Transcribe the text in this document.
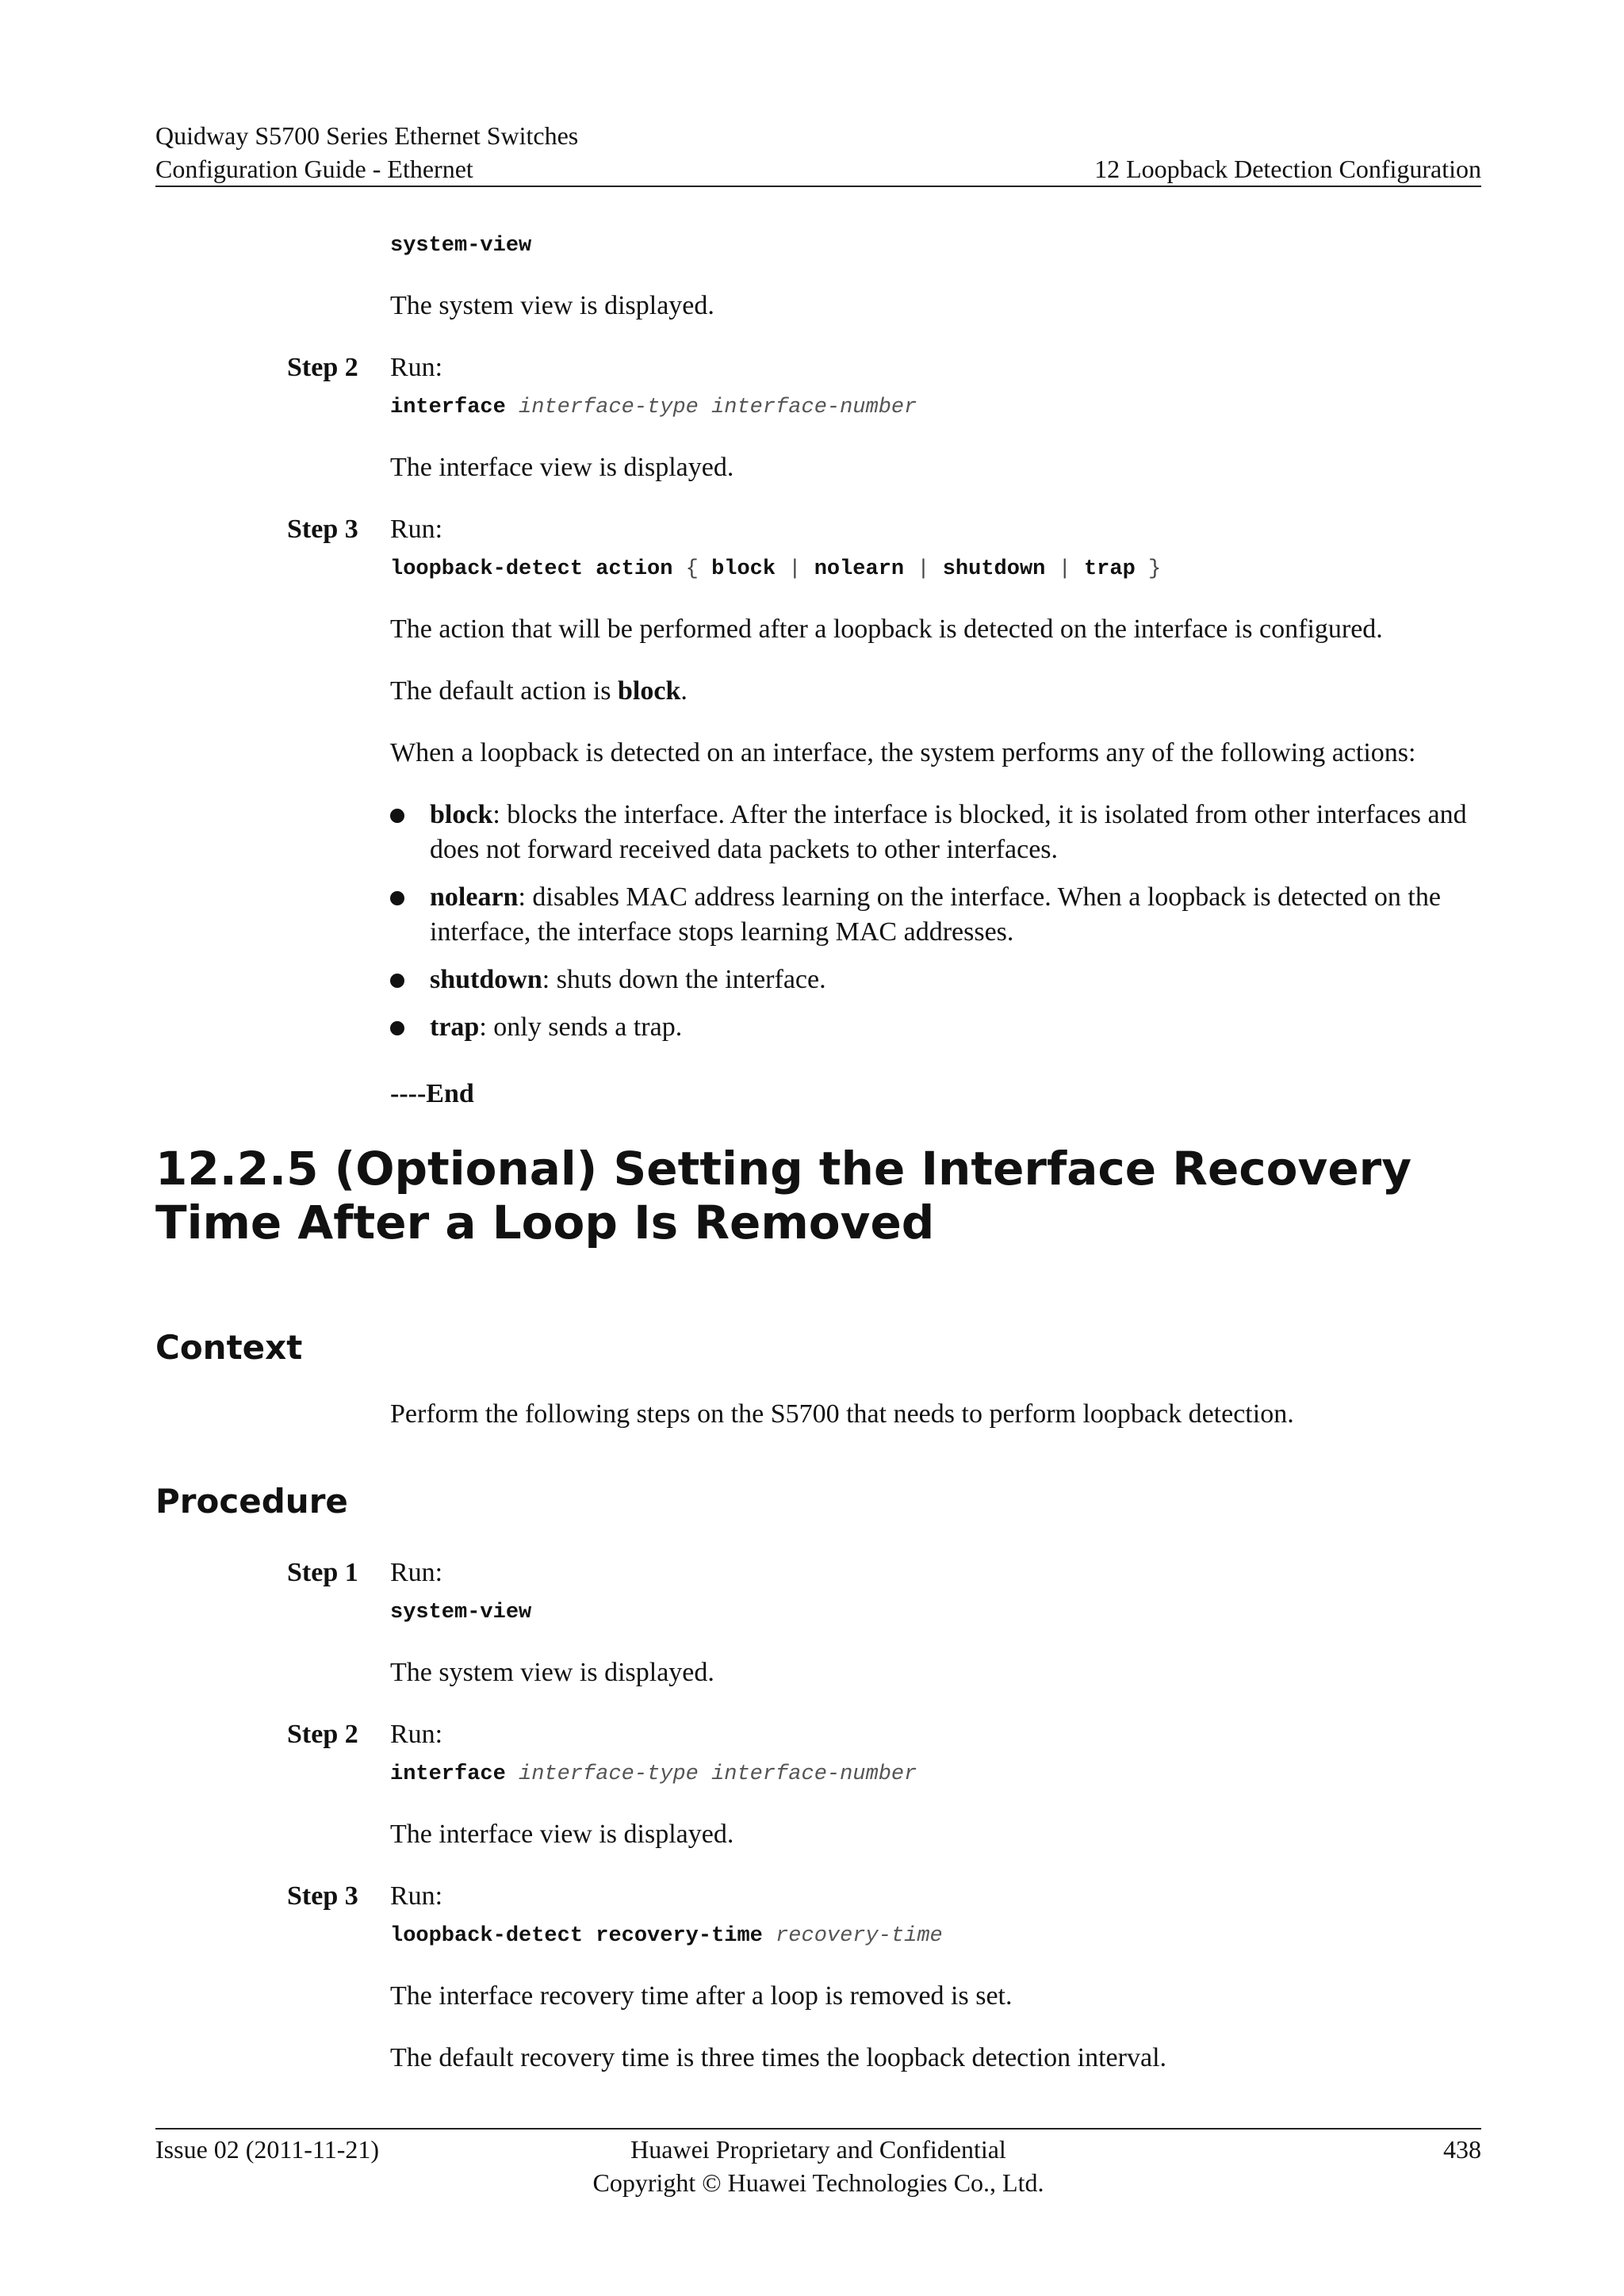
Quidway S5700 Series Ethernet Switches
Configuration Guide - Ethernet	12 Loopback Detection Configuration
system-view
The system view is displayed.
Step 2 Run:
interface interface-type interface-number
The interface view is displayed.
Step 3 Run:
loopback-detect action { block | nolearn | shutdown | trap }
The action that will be performed after a loopback is detected on the interface is configured.
The default action is block.
When a loopback is detected on an interface, the system performs any of the following actions:
block: blocks the interface. After the interface is blocked, it is isolated from other interfaces and does not forward received data packets to other interfaces.
nolearn: disables MAC address learning on the interface. When a loopback is detected on the interface, the interface stops learning MAC addresses.
shutdown: shuts down the interface.
trap: only sends a trap.
----End
12.2.5 (Optional) Setting the Interface Recovery Time After a Loop Is Removed
Context
Perform the following steps on the S5700 that needs to perform loopback detection.
Procedure
Step 1 Run:
system-view
The system view is displayed.
Step 2 Run:
interface interface-type interface-number
The interface view is displayed.
Step 3 Run:
loopback-detect recovery-time recovery-time
The interface recovery time after a loop is removed is set.
The default recovery time is three times the loopback detection interval.
Issue 02 (2011-11-21)	Huawei Proprietary and Confidential
Copyright © Huawei Technologies Co., Ltd.
438
